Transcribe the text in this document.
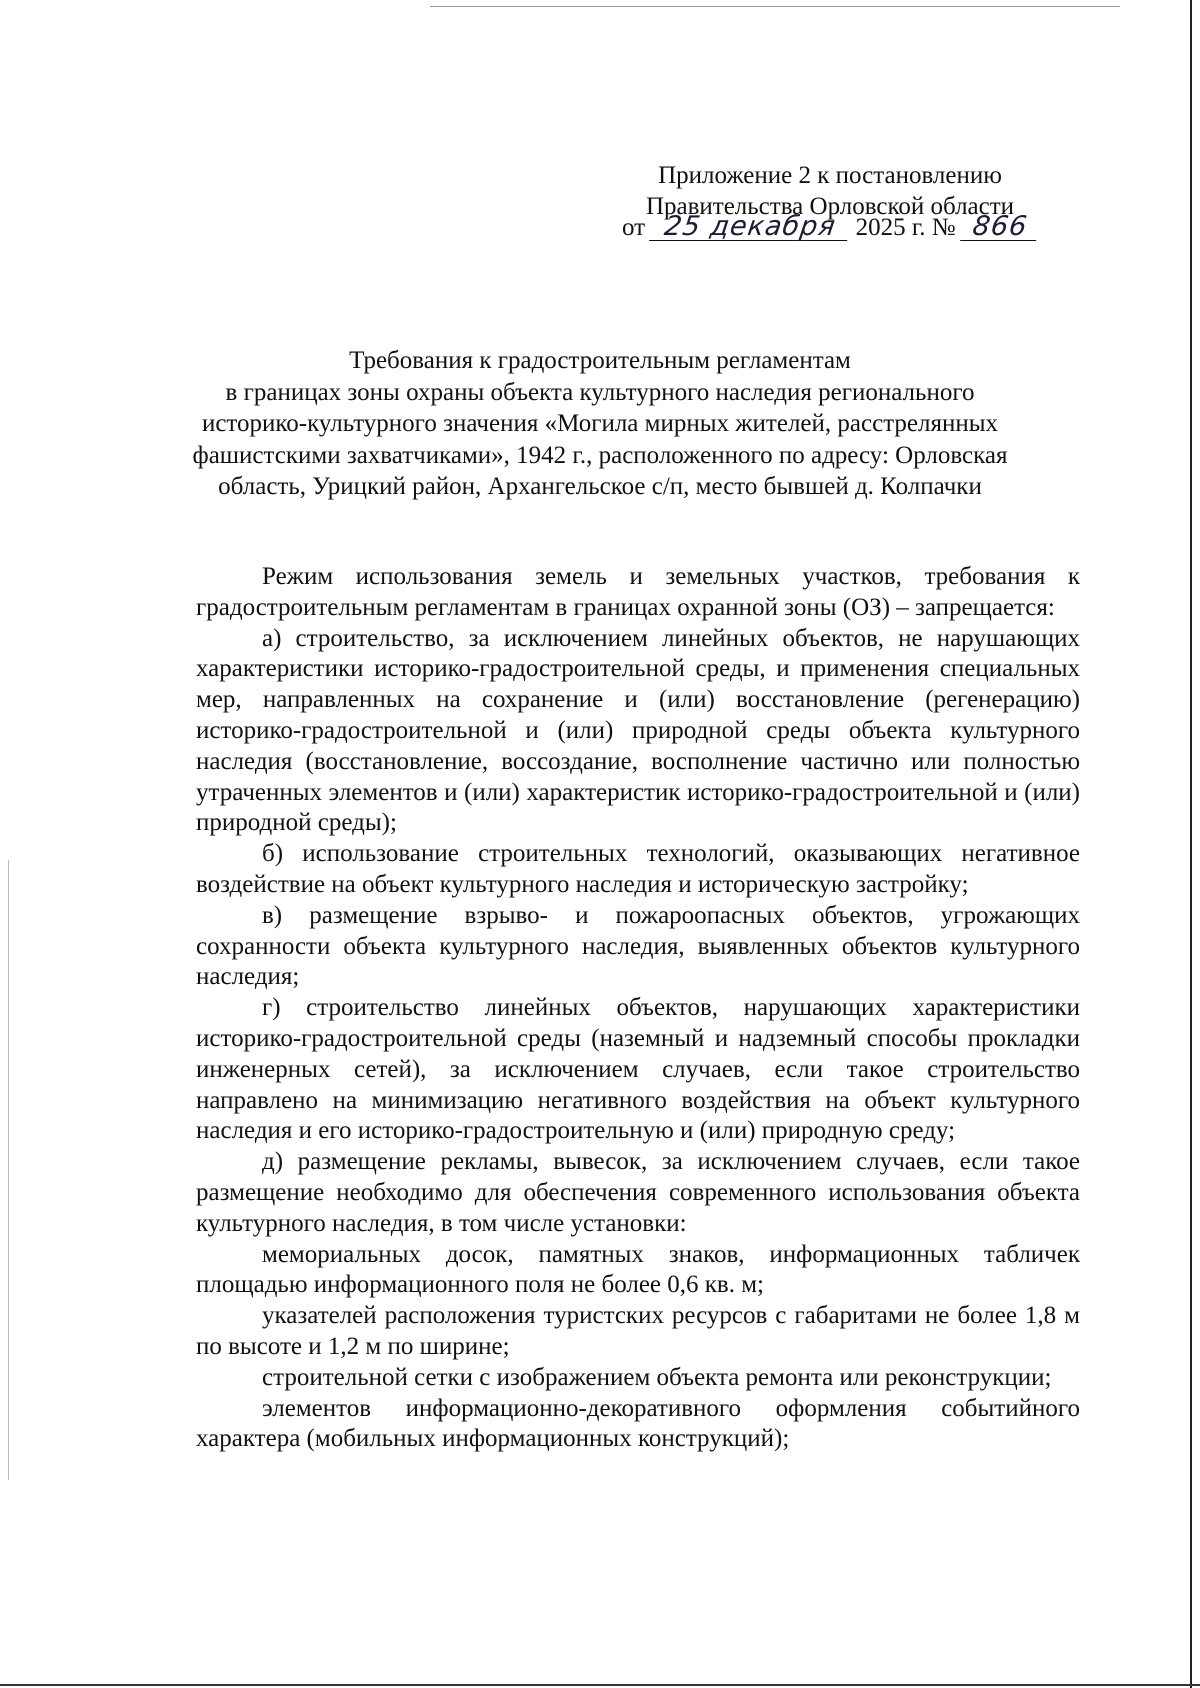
Приложение 2 к постановлению
Правительства Орловской области
от 25 декабря 2025 г. № 866
Требования к градостроительным регламентам
в границах зоны охраны объекта культурного наследия регионального
историко-культурного значения «Могила мирных жителей, расстрелянных
фашистскими захватчиками», 1942 г., расположенного по адресу: Орловская
область, Урицкий район, Архангельское с/п, место бывшей д. Колпачки

Режим использования земель и земельных участков, требования к градостроительным регламентам в границах охранной зоны (ОЗ) – запрещается:

а) строительство, за исключением линейных объектов, не нарушающих характеристики историко-градостроительной среды, и применения специальных мер, направленных на сохранение и (или) восстановление (регенерацию) историко-градостроительной и (или) природной среды объекта культурного наследия (восстановление, воссоздание, восполнение частично или полностью утраченных элементов и (или) характеристик историко-градостроительной и (или) природной среды);

б) использование строительных технологий, оказывающих негативное воздействие на объект культурного наследия и историческую застройку;

в) размещение взрыво- и пожароопасных объектов, угрожающих сохранности объекта культурного наследия, выявленных объектов культурного наследия;

г) строительство линейных объектов, нарушающих характеристики историко-градостроительной среды (наземный и надземный способы прокладки инженерных сетей), за исключением случаев, если такое строительство направлено на минимизацию негативного воздействия на объект культурного наследия и его историко-градостроительную и (или) природную среду;

д) размещение рекламы, вывесок, за исключением случаев, если такое размещение необходимо для обеспечения современного использования объекта культурного наследия, в том числе установки:

мемориальных досок, памятных знаков, информационных табличек площадью информационного поля не более 0,6 кв. м;

указателей расположения туристских ресурсов с габаритами не более 1,8 м по высоте и 1,2 м по ширине;

строительной сетки с изображением объекта ремонта или реконструкции;

элементов информационно-декоративного оформления событийного характера (мобильных информационных конструкций);
